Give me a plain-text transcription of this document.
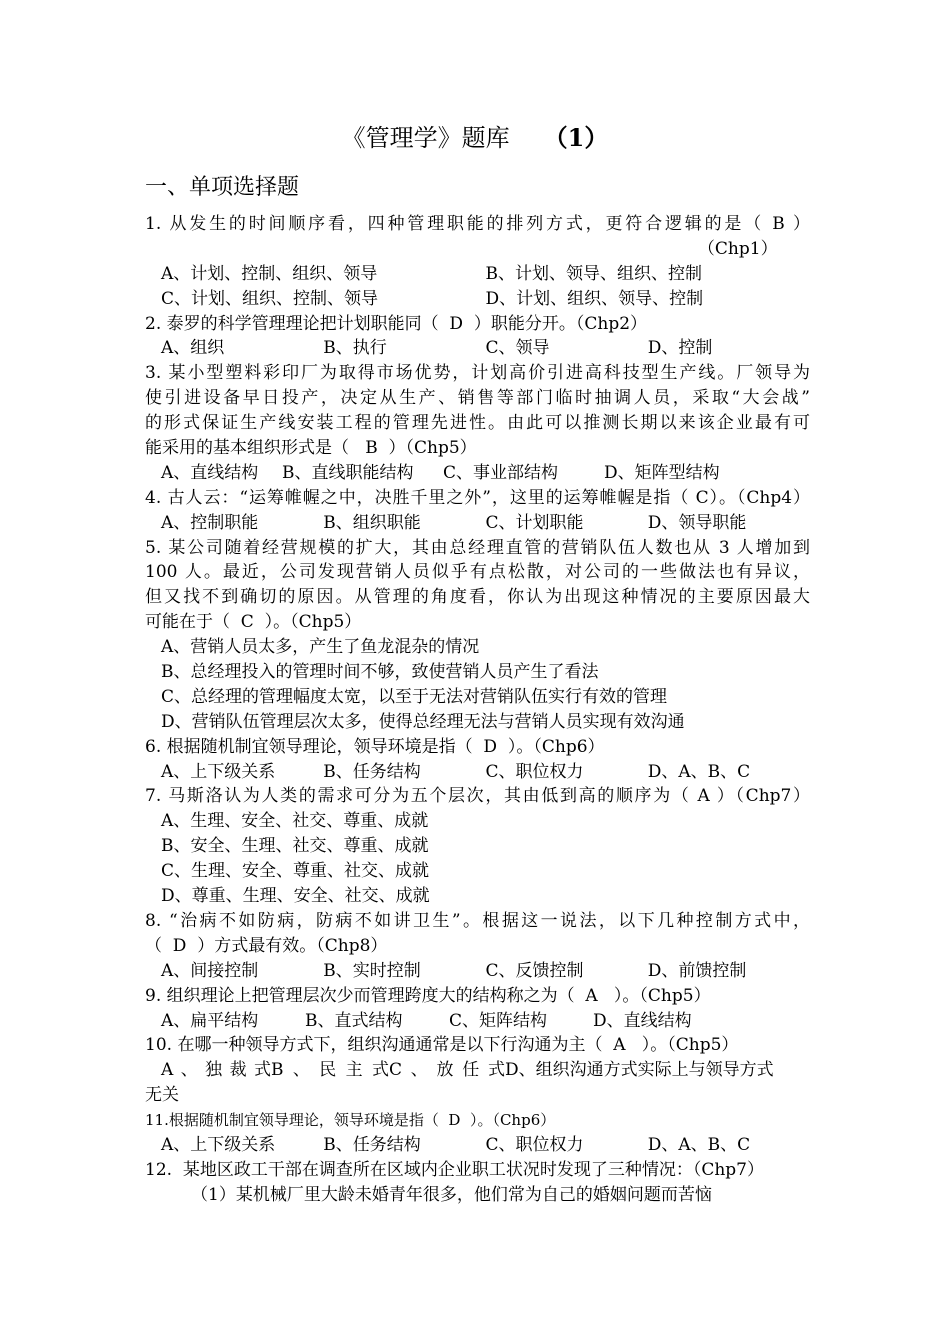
《管理学》题库 （1）
一、单项选择题
1. 从发生的时间顺序看，四种管理职能的排列方式，更符合逻辑的是（ B ）
（Chp1）
A、计划、控制、组织、领导	B、计划、领导、组织、控制
C、计划、组织、控制、领导	D、计划、组织、领导、控制
2. 泰罗的科学管理理论把计划职能同（  D  ）职能分开。（Chp2）
A、组织	B、执行	C、领导	D、控制
3. 某小型塑料彩印厂为取得市场优势，计划高价引进高科技型生产线。厂领导为
使引进设备早日投产，决定从生产、销售等部门临时抽调人员，采取“大会战”
的形式保证生产线安装工程的管理先进性。由此可以推测长期以来该企业最有可
能采用的基本组织形式是（   B  ）（Chp5）
A、直线结构	B、直线职能结构	C、事业部结构	D、矩阵型结构
4. 古人云：“运筹帷幄之中，决胜千里之外”，这里的运筹帷幄是指（ C）。（Chp4）
A、控制职能	B、组织职能	C、计划职能	D、领导职能
5. 某公司随着经营规模的扩大，其由总经理直管的营销队伍人数也从 3 人增加到
100 人。最近，公司发现营销人员似乎有点松散，对公司的一些做法也有异议，
但又找不到确切的原因。从管理的角度看，你认为出现这种情况的主要原因最大
可能在于（  C  ）。（Chp5）
A、营销人员太多，产生了鱼龙混杂的情况
B、总经理投入的管理时间不够，致使营销人员产生了看法
C、总经理的管理幅度太宽，以至于无法对营销队伍实行有效的管理
D、营销队伍管理层次太多，使得总经理无法与营销人员实现有效沟通
6. 根据随机制宜领导理论，领导环境是指（  D  ）。（Chp6）
A、上下级关系	B、任务结构	C、职位权力	D、A、B、C
7. 马斯洛认为人类的需求可分为五个层次，其由低到高的顺序为（ A ）（Chp7）
A、生理、安全、社交、尊重、成就
B、安全、生理、社交、尊重、成就
C、生理、安全、尊重、社交、成就
D、尊重、生理、安全、社交、成就
8. “治病不如防病，防病不如讲卫生”。根据这一说法，以下几种控制方式中，
（  D  ）方式最有效。（Chp8）
A、间接控制	B、实时控制	C、反馈控制	D、前馈控制
9. 组织理论上把管理层次少而管理跨度大的结构称之为（  A   ）。（Chp5）
A、扁平结构	B、直式结构	C、矩阵结构	D、直线结构
10. 在哪一种领导方式下，组织沟通通常是以下行沟通为主（  A   ）。（Chp5）
A、独裁式 B、民主式 C、放任式 D、组织沟通方式实际上与领导方式
无关
11.根据随机制宜领导理论，领导环境是指（  D  ）。（Chp6）
A、上下级关系	B、任务结构	C、职位权力	D、A、B、C
12.  某地区政工干部在调查所在区域内企业职工状况时发现了三种情况：（Chp7）
（1）某机械厂里大龄未婚青年很多，他们常为自己的婚姻问题而苦恼
